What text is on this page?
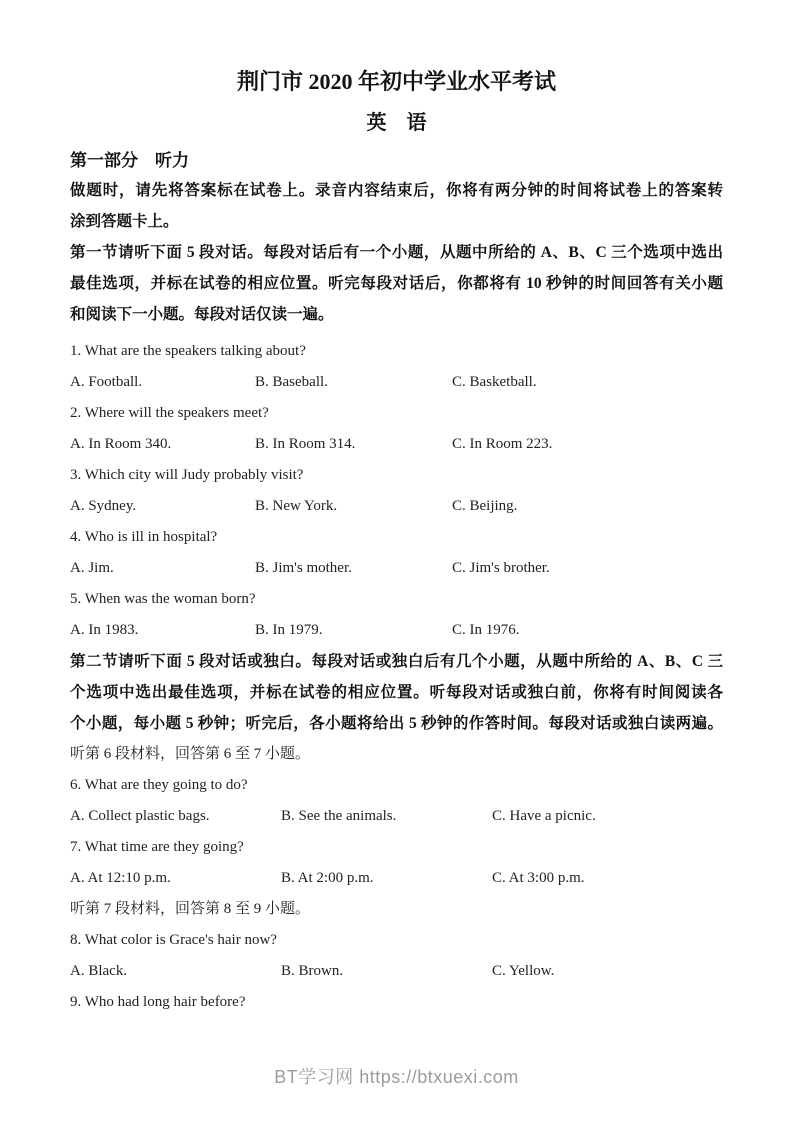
荆门市 2020 年初中学业水平考试
英　语
第一部分　听力
做题时，请先将答案标在试卷上。录音内容结束后，你将有两分钟的时间将试卷上的答案转
涂到答题卡上。
第一节请听下面 5 段对话。每段对话后有一个小题，从题中所给的 A、B、C 三个选项中选出
最佳选项，并标在试卷的相应位置。听完每段对话后，你都将有 10 秒钟的时间回答有关小题
和阅读下一小题。每段对话仅读一遍。
1. What are the speakers talking about?
A. Football.	B. Baseball.	C. Basketball.
2. Where will the speakers meet?
A. In Room 340.	B. In Room 314.	C. In Room 223.
3. Which city will Judy probably visit?
A. Sydney.	B. New York.	C. Beijing.
4. Who is ill in hospital?
A. Jim.	B. Jim's mother.	C. Jim's brother.
5. When was the woman born?
A. In 1983.	B. In 1979.	C. In 1976.
第二节请听下面 5 段对话或独白。每段对话或独白后有几个小题，从题中所给的 A、B、C 三
个选项中选出最佳选项，并标在试卷的相应位置。听每段对话或独白前，你将有时间阅读各
个小题，每小题 5 秒钟；听完后，各小题将给出 5 秒钟的作答时间。每段对话或独白读两遍。
听第 6 段材料，回答第 6 至 7 小题。
6. What are they going to do?
A. Collect plastic bags.	B. See the animals.	C. Have a picnic.
7. What time are they going?
A. At 12:10 p.m.	B. At 2:00 p.m.	C. At 3:00 p.m.
听第 7 段材料，回答第 8 至 9 小题。
8. What color is Grace's hair now?
A. Black.	B. Brown.	C. Yellow.
9. Who had long hair before?
BT学习网 https://btxuexi.com
